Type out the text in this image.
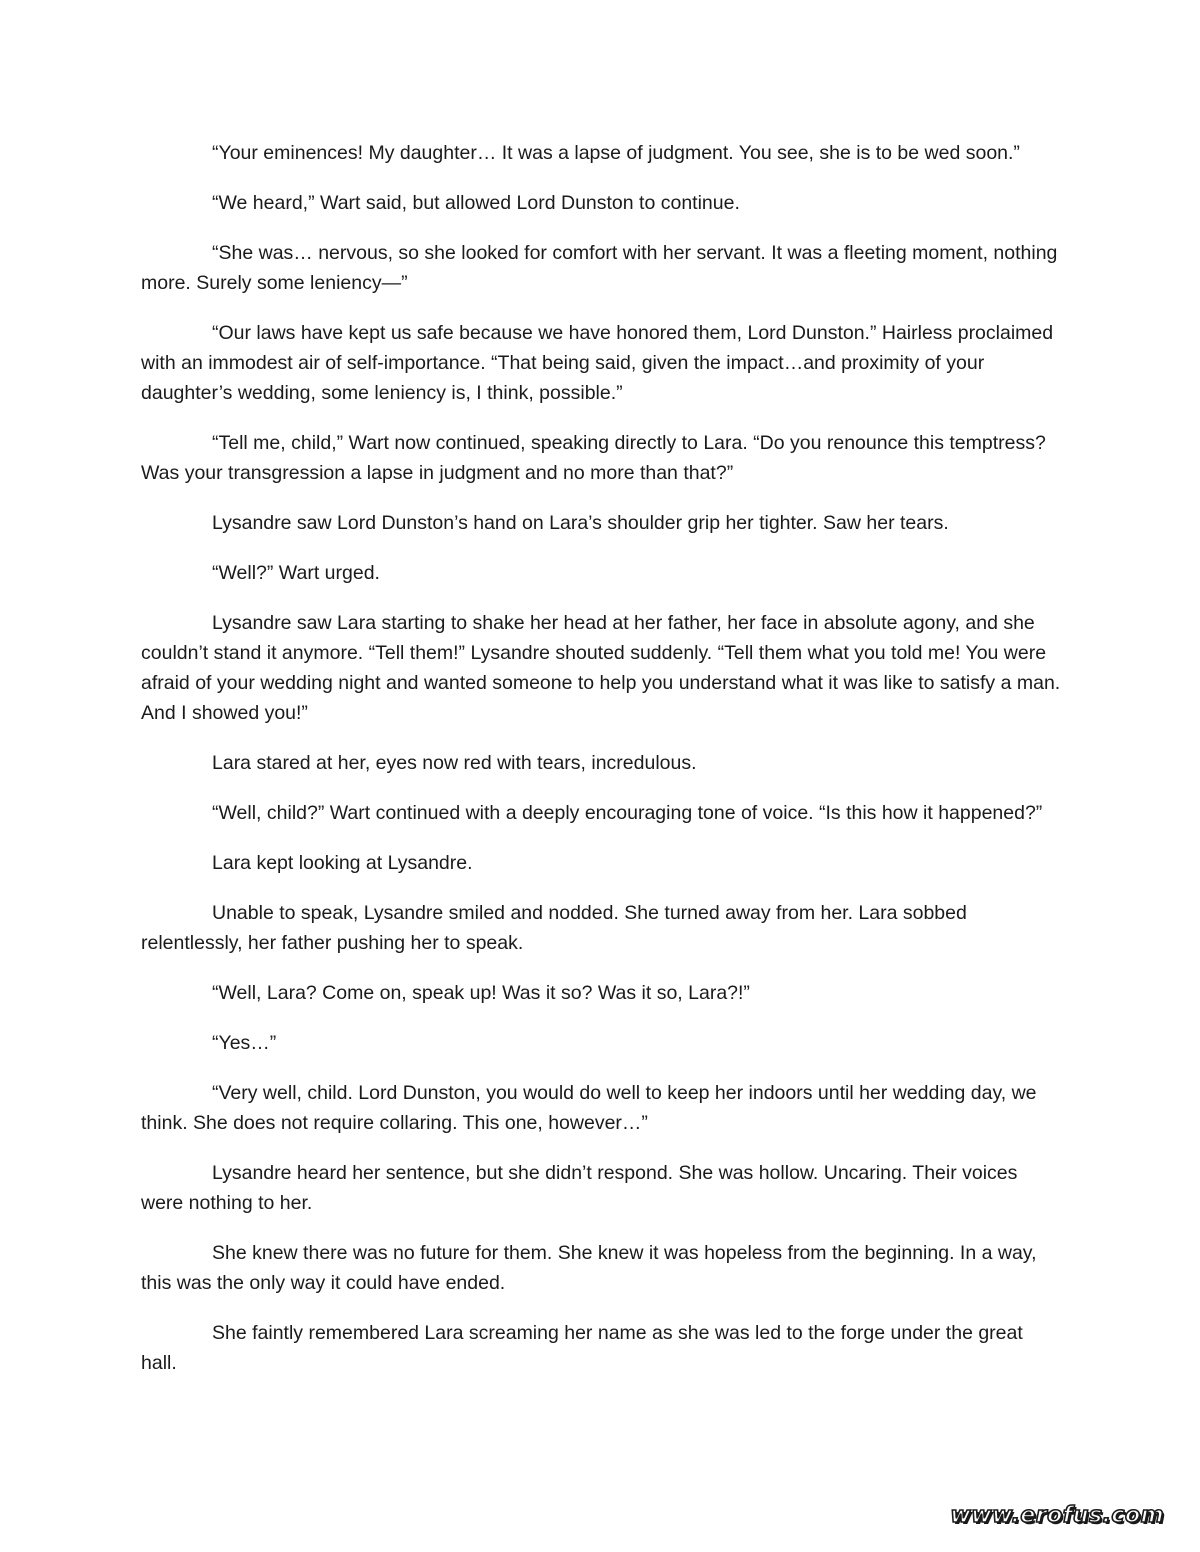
“Your eminences! My daughter… It was a lapse of judgment. You see, she is to be wed soon.”

“We heard,” Wart said, but allowed Lord Dunston to continue.

“She was… nervous, so she looked for comfort with her servant. It was a fleeting moment, nothing more. Surely some leniency—”

“Our laws have kept us safe because we have honored them, Lord Dunston.” Hairless proclaimed with an immodest air of self-importance. “That being said, given the impact…and proximity of your daughter’s wedding, some leniency is, I think, possible.”

“Tell me, child,” Wart now continued, speaking directly to Lara. “Do you renounce this temptress? Was your transgression a lapse in judgment and no more than that?”

Lysandre saw Lord Dunston’s hand on Lara’s shoulder grip her tighter. Saw her tears.

“Well?” Wart urged.

Lysandre saw Lara starting to shake her head at her father, her face in absolute agony, and she couldn’t stand it anymore. “Tell them!” Lysandre shouted suddenly. “Tell them what you told me! You were afraid of your wedding night and wanted someone to help you understand what it was like to satisfy a man. And I showed you!”

Lara stared at her, eyes now red with tears, incredulous.

“Well, child?” Wart continued with a deeply encouraging tone of voice. “Is this how it happened?”

Lara kept looking at Lysandre.

Unable to speak, Lysandre smiled and nodded. She turned away from her. Lara sobbed relentlessly, her father pushing her to speak.

“Well, Lara? Come on, speak up! Was it so? Was it so, Lara?!”

“Yes…”

“Very well, child. Lord Dunston, you would do well to keep her indoors until her wedding day, we think. She does not require collaring. This one, however…”

Lysandre heard her sentence, but she didn’t respond. She was hollow. Uncaring. Their voices were nothing to her.

She knew there was no future for them. She knew it was hopeless from the beginning. In a way, this was the only way it could have ended.

She faintly remembered Lara screaming her name as she was led to the forge under the great hall.

www.erofus.com
